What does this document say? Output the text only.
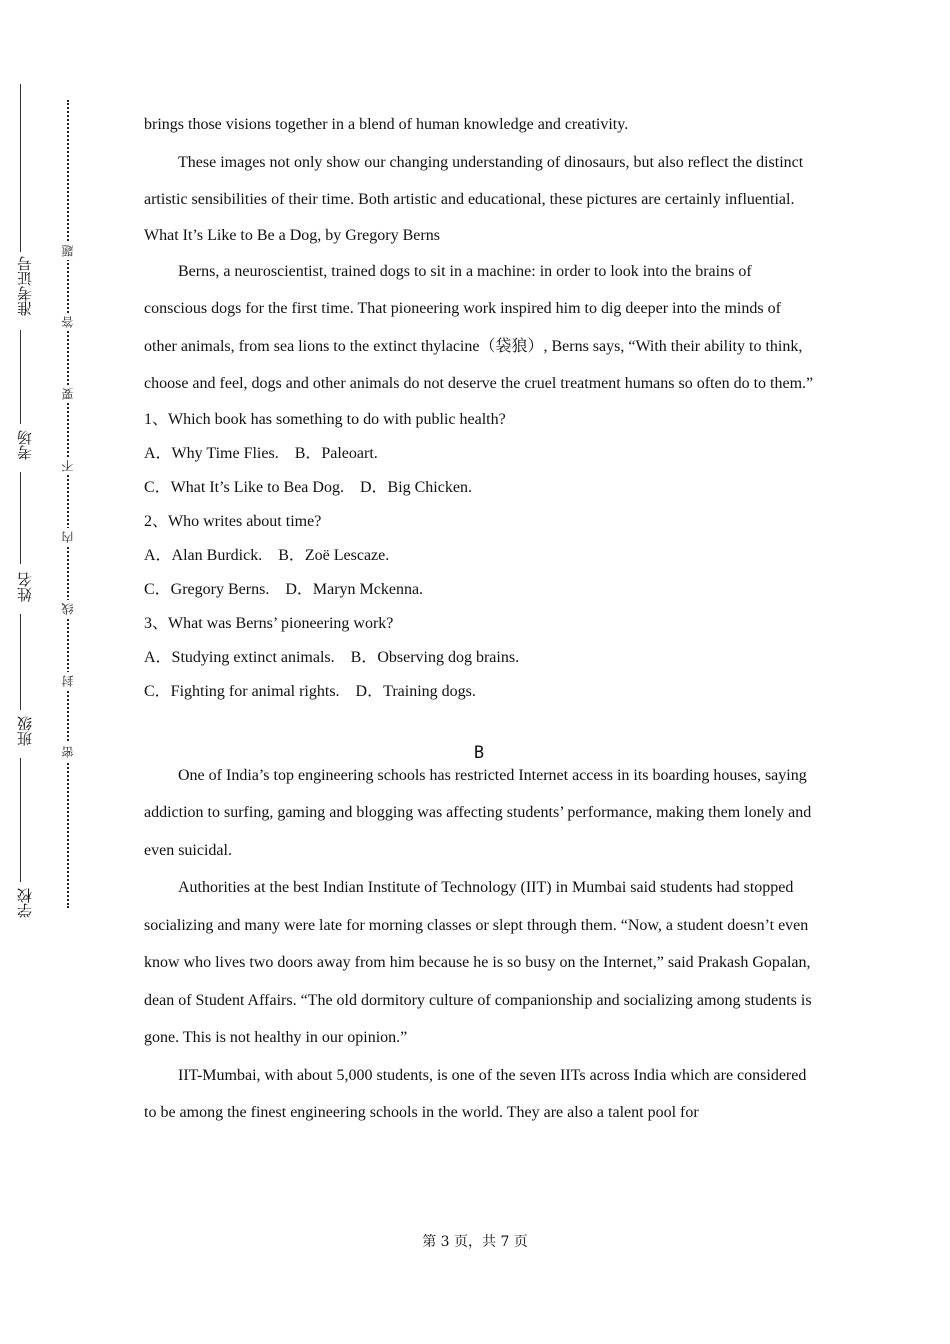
准考证号
考场
姓名
班级
学校
题
答
要
不
内
线
封
密

brings those visions together in a blend of human knowledge and creativity.

These images not only show our changing understanding of dinosaurs, but also reflect the distinct artistic sensibilities of their time. Both artistic and educational, these pictures are certainly influential.

What It’s Like to Be a Dog, by Gregory Berns

Berns, a neuroscientist, trained dogs to sit in a machine: in order to look into the brains of conscious dogs for the first time. That pioneering work inspired him to dig deeper into the minds of other animals, from sea lions to the extinct thylacine（袋狼）, Berns says, “With their ability to think, choose and feel, dogs and other animals do not deserve the cruel treatment humans so often do to them.”

1、Which book has something to do with public health?

A．Why Time Flies.    B．Paleoart.

C．What It’s Like to Bea Dog.    D．Big Chicken.

2、Who writes about time?

A．Alan Burdick.    B．Zoë Lescaze.

C．Gregory Berns.    D．Maryn Mckenna.

3、What was Berns’ pioneering work?

A．Studying extinct animals.    B．Observing dog brains.

C．Fighting for animal rights.    D．Training dogs.

B

One of India’s top engineering schools has restricted Internet access in its boarding houses, saying addiction to surfing, gaming and blogging was affecting students’ performance, making them lonely and even suicidal.

Authorities at the best Indian Institute of Technology (IIT) in Mumbai said students had stopped socializing and many were late for morning classes or slept through them. “Now, a student doesn’t even know who lives two doors away from him because he is so busy on the Internet,” said Prakash Gopalan, dean of Student Affairs. “The old dormitory culture of companionship and socializing among students is gone. This is not healthy in our opinion.”

IIT-Mumbai, with about 5,000 students, is one of the seven IITs across India which are considered to be among the finest engineering schools in the world. They are also a talent pool for

第 3 页，共 7 页
